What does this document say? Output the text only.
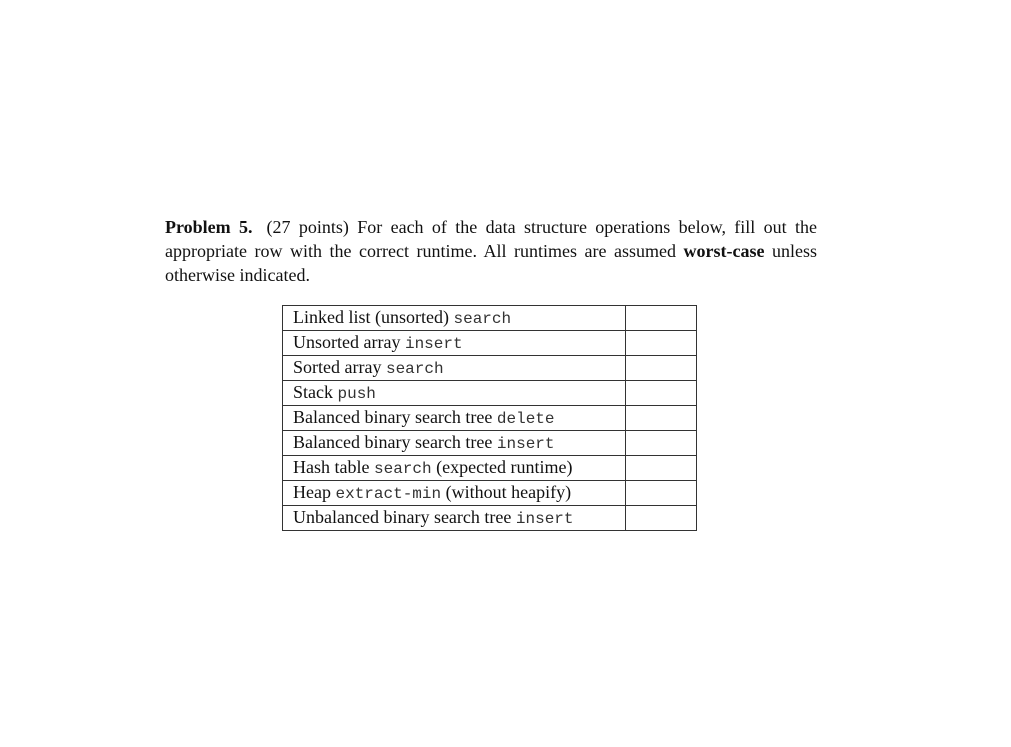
Problem 5. (27 points) For each of the data structure operations below, fill out the appropriate row with the correct runtime. All runtimes are assumed worst-case unless otherwise indicated.
Linked list (unsorted) search	
Unsorted array insert	
Sorted array search	
Stack push	
Balanced binary search tree delete	
Balanced binary search tree insert	
Hash table search (expected runtime)	
Heap extract-min (without heapify)	
Unbalanced binary search tree insert	
